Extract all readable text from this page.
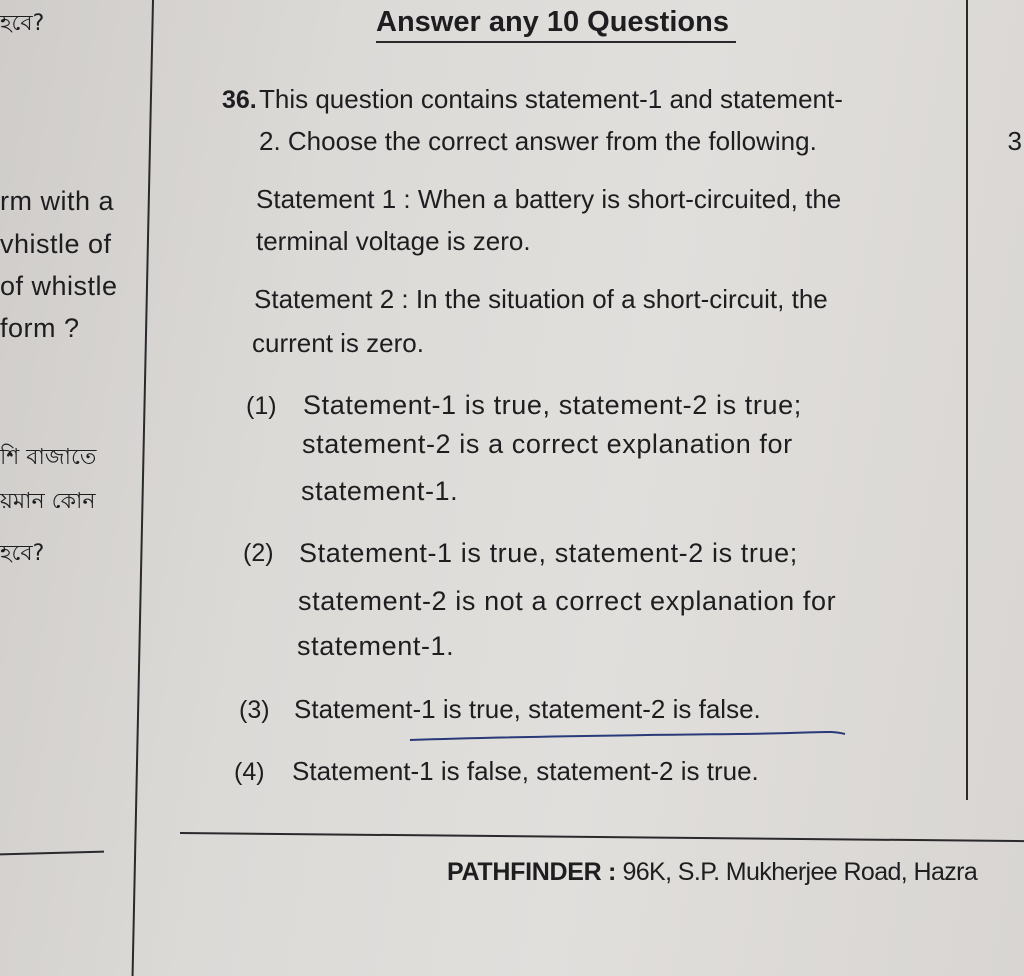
হবে?
rm with a
vhistle of
of whistle
form ?
শি বাজাতে
য়মান কোন
হবে?
Answer any 10 Questions
36. This question contains statement-1 and statement-
2. Choose the correct answer from the following.
Statement 1 : When a battery is short-circuited, the
terminal voltage is zero.
Statement 2 : In the situation of a short-circuit, the
current is zero.
(1) Statement-1 is true, statement-2 is true;
statement-2 is a correct explanation for
statement-1.
(2) Statement-1 is true, statement-2 is true;
statement-2 is not a correct explanation for
statement-1.
(3) Statement-1 is true, statement-2 is false.
(4) Statement-1 is false, statement-2 is true.
3
PATHFINDER : 96K, S.P. Mukherjee Road, Hazra
